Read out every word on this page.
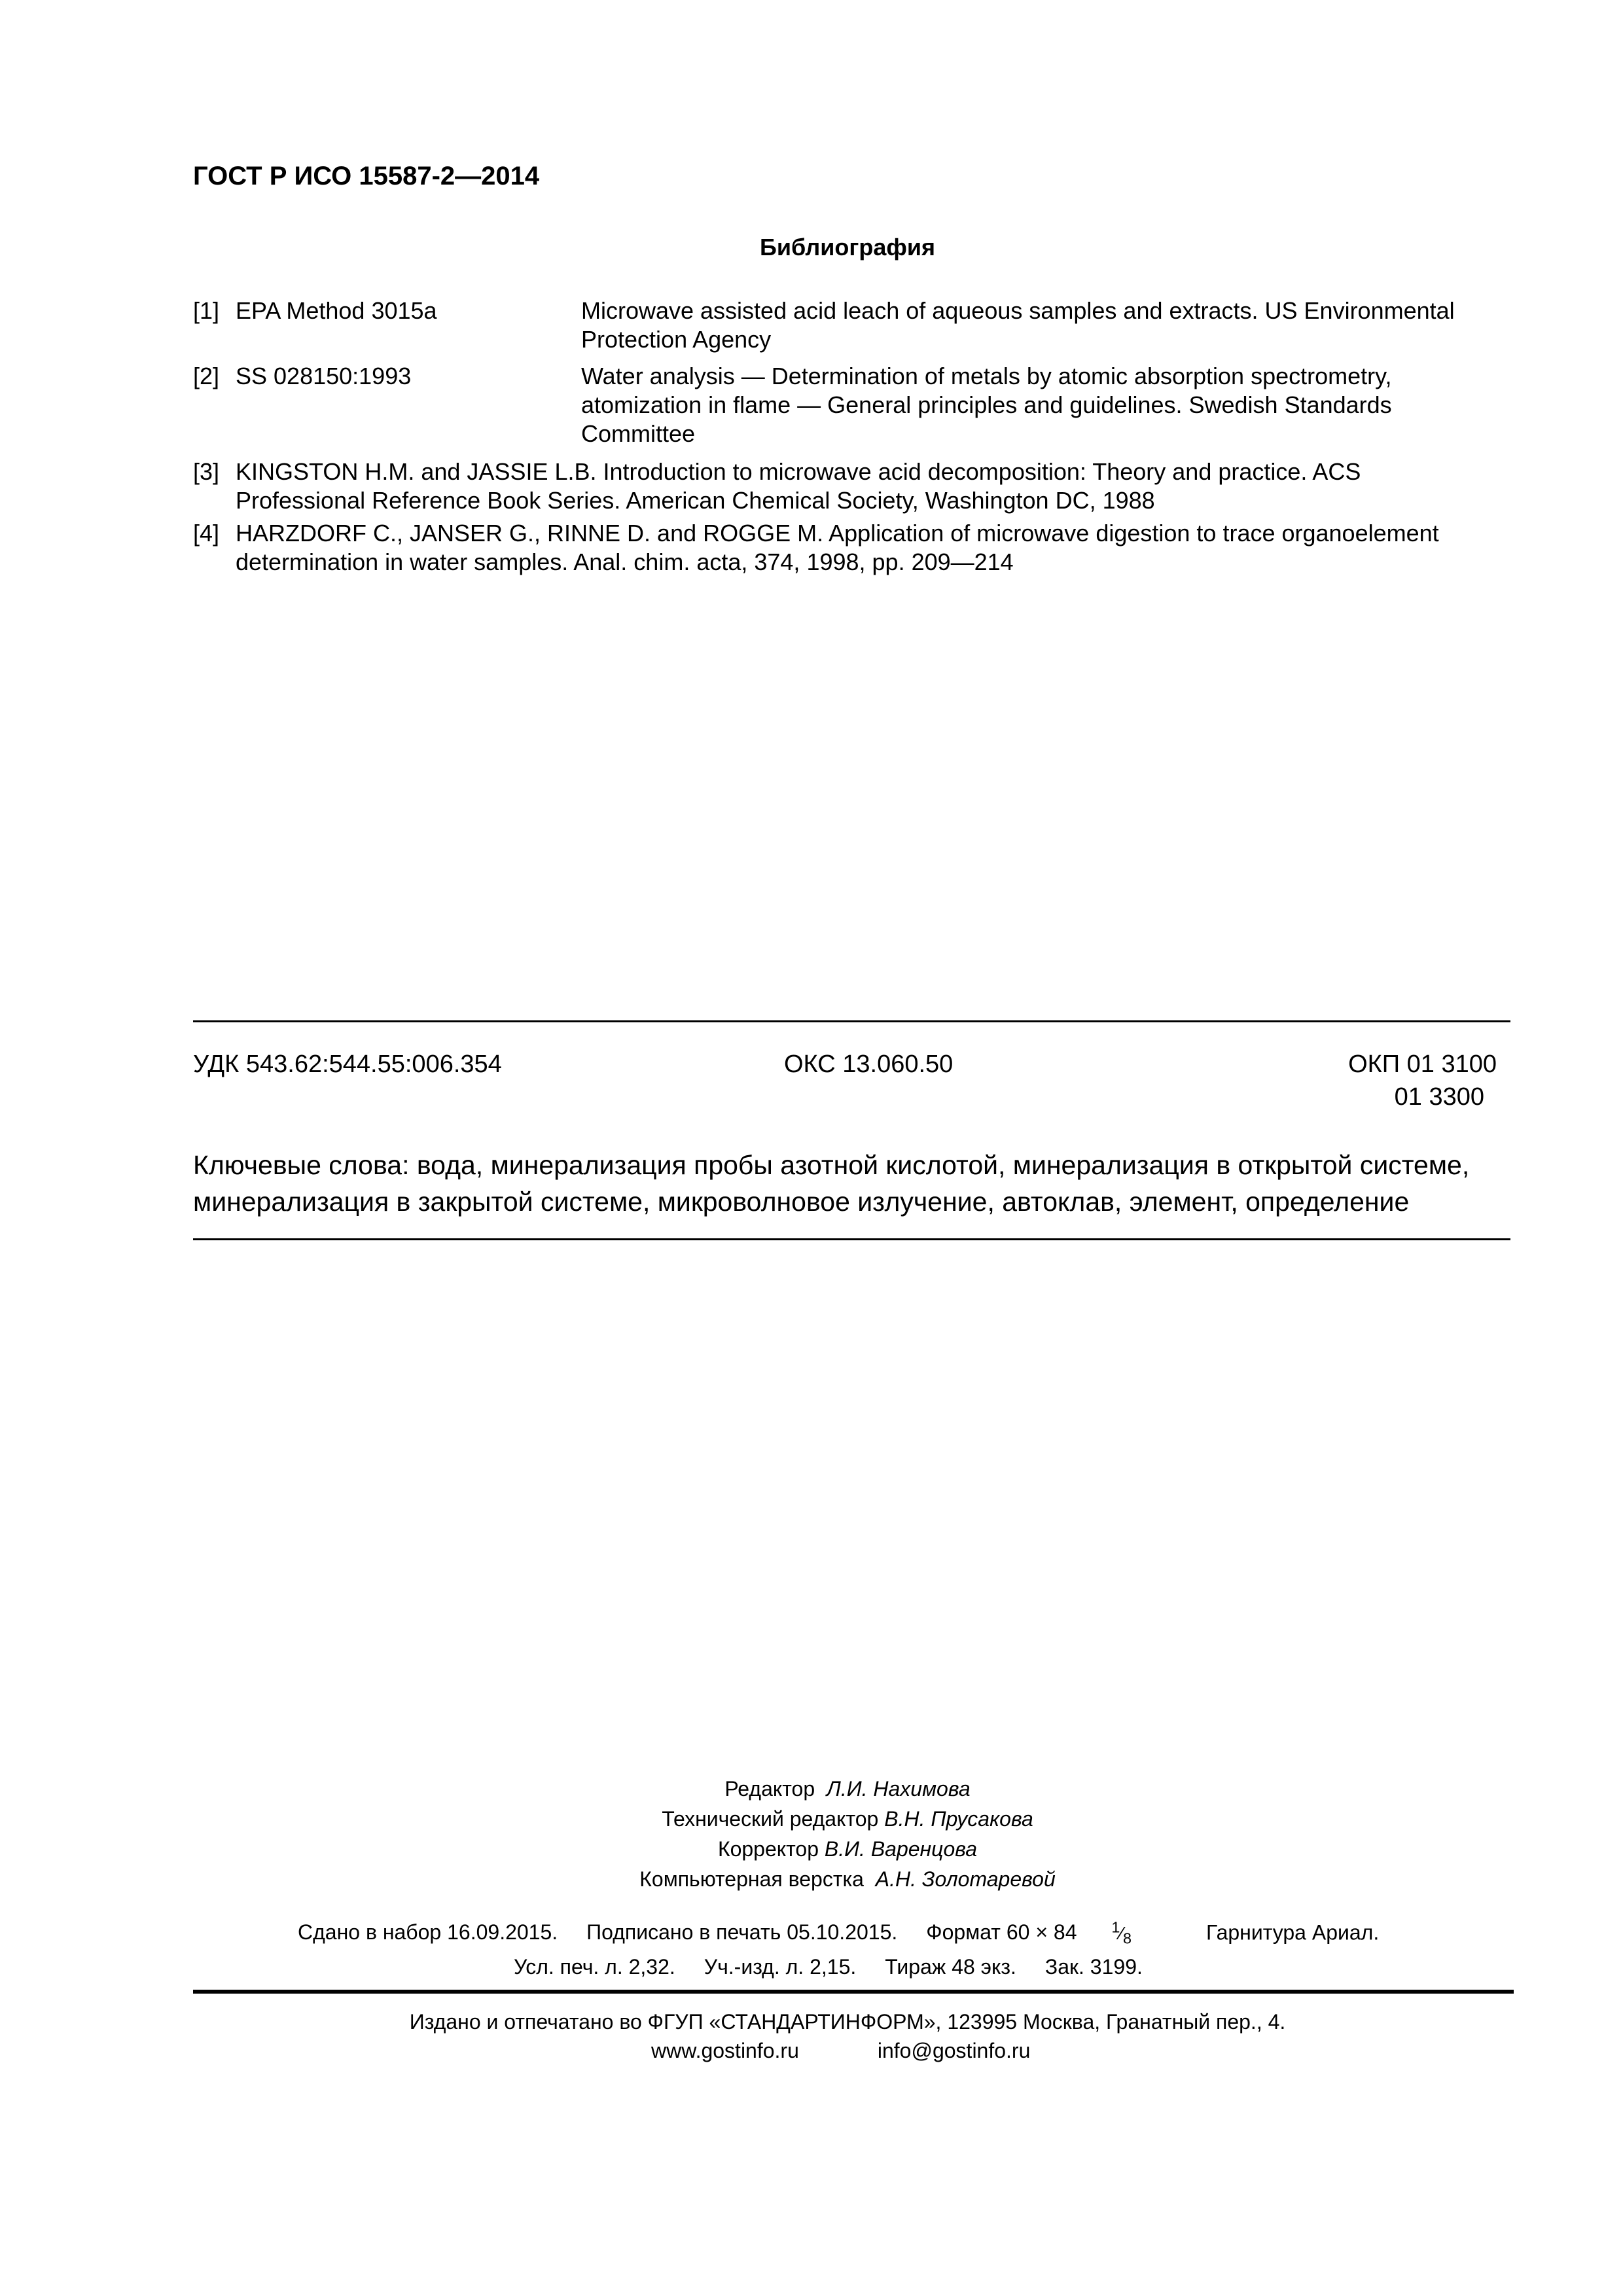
ГОСТ Р ИСО 15587-2—2014
Библиография
[1] EPA Method 3015a	Microwave assisted acid leach of aqueous samples and extracts. US Environmental
Protection Agency
[2] SS 028150:1993	Water analysis — Determination of metals by atomic absorption spectrometry,
atomization in flame — General principles and guidelines. Swedish Standards
Committee
[3] KINGSTON H.M. and JASSIE L.B. Introduction to microwave acid decomposition: Theory and practice. ACS
Professional Reference Book Series. American Chemical Society, Washington DC, 1988
[4] HARZDORF C., JANSER G., RINNE D. and ROGGE M. Application of microwave digestion to trace organoelement
determination in water samples. Anal. chim. acta, 374, 1998, pp. 209—214
УДК 543.62:544.55:006.354	ОКС 13.060.50	ОКП 01 3100
01 3300
Ключевые слова: вода, минерализация пробы азотной кислотой, минерализация в открытой системе,
минерализация в закрытой системе, микроволновое излучение, автоклав, элемент, определение
Редактор Л.И. Нахимова
Технический редактор В.Н. Прусакова
Корректор В.И. Варенцова
Компьютерная верстка А.Н. Золотаревой
Сдано в набор 16.09.2015. Подписано в печать 05.10.2015. Формат 60 × 84 $^1⁄_8$	Гарнитура Ариал.
Усл. печ. л. 2,32. Уч.-изд. л. 2,15. Тираж 48 экз. Зак. 3199.
Издано и отпечатано во ФГУП «СТАНДАРТИНФОРМ», 123995 Москва, Гранатный пер., 4.
www.gostinfo.ru	info@gostinfo.ru
